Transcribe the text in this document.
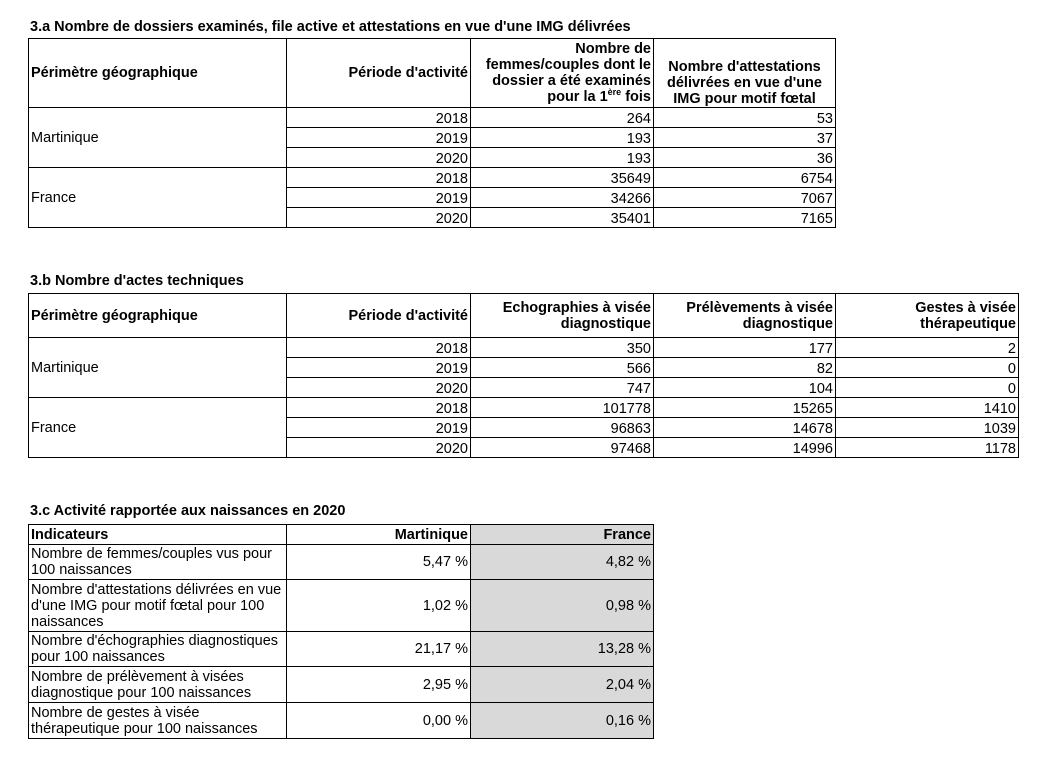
3.a Nombre de dossiers examinés, file active et attestations en vue d'une IMG délivrées
Périmètre géographique	Période d'activité	Nombre de femmes/couples dont le dossier a été examinés pour la 1ère fois	Nombre d'attestations délivrées en vue d'une IMG pour motif fœtal
Martinique	2018	264	53
	2019	193	37
	2020	193	36
France	2018	35649	6754
	2019	34266	7067
	2020	35401	7165
3.b Nombre d'actes techniques
Périmètre géographique	Période d'activité	Echographies à visée diagnostique	Prélèvements à visée diagnostique	Gestes à visée thérapeutique
Martinique	2018	350	177	2
	2019	566	82	0
	2020	747	104	0
France	2018	101778	15265	1410
	2019	96863	14678	1039
	2020	97468	14996	1178
3.c Activité rapportée aux naissances en 2020
Indicateurs	Martinique	France
Nombre de femmes/couples vus pour 100 naissances	5,47 %	4,82 %
Nombre d'attestations délivrées en vue d'une IMG pour motif fœtal pour 100 naissances	1,02 %	0,98 %
Nombre d'échographies diagnostiques pour 100 naissances	21,17 %	13,28 %
Nombre de prélèvement à visées diagnostique pour 100 naissances	2,95 %	2,04 %
Nombre de gestes à visée thérapeutique pour 100 naissances	0,00 %	0,16 %
